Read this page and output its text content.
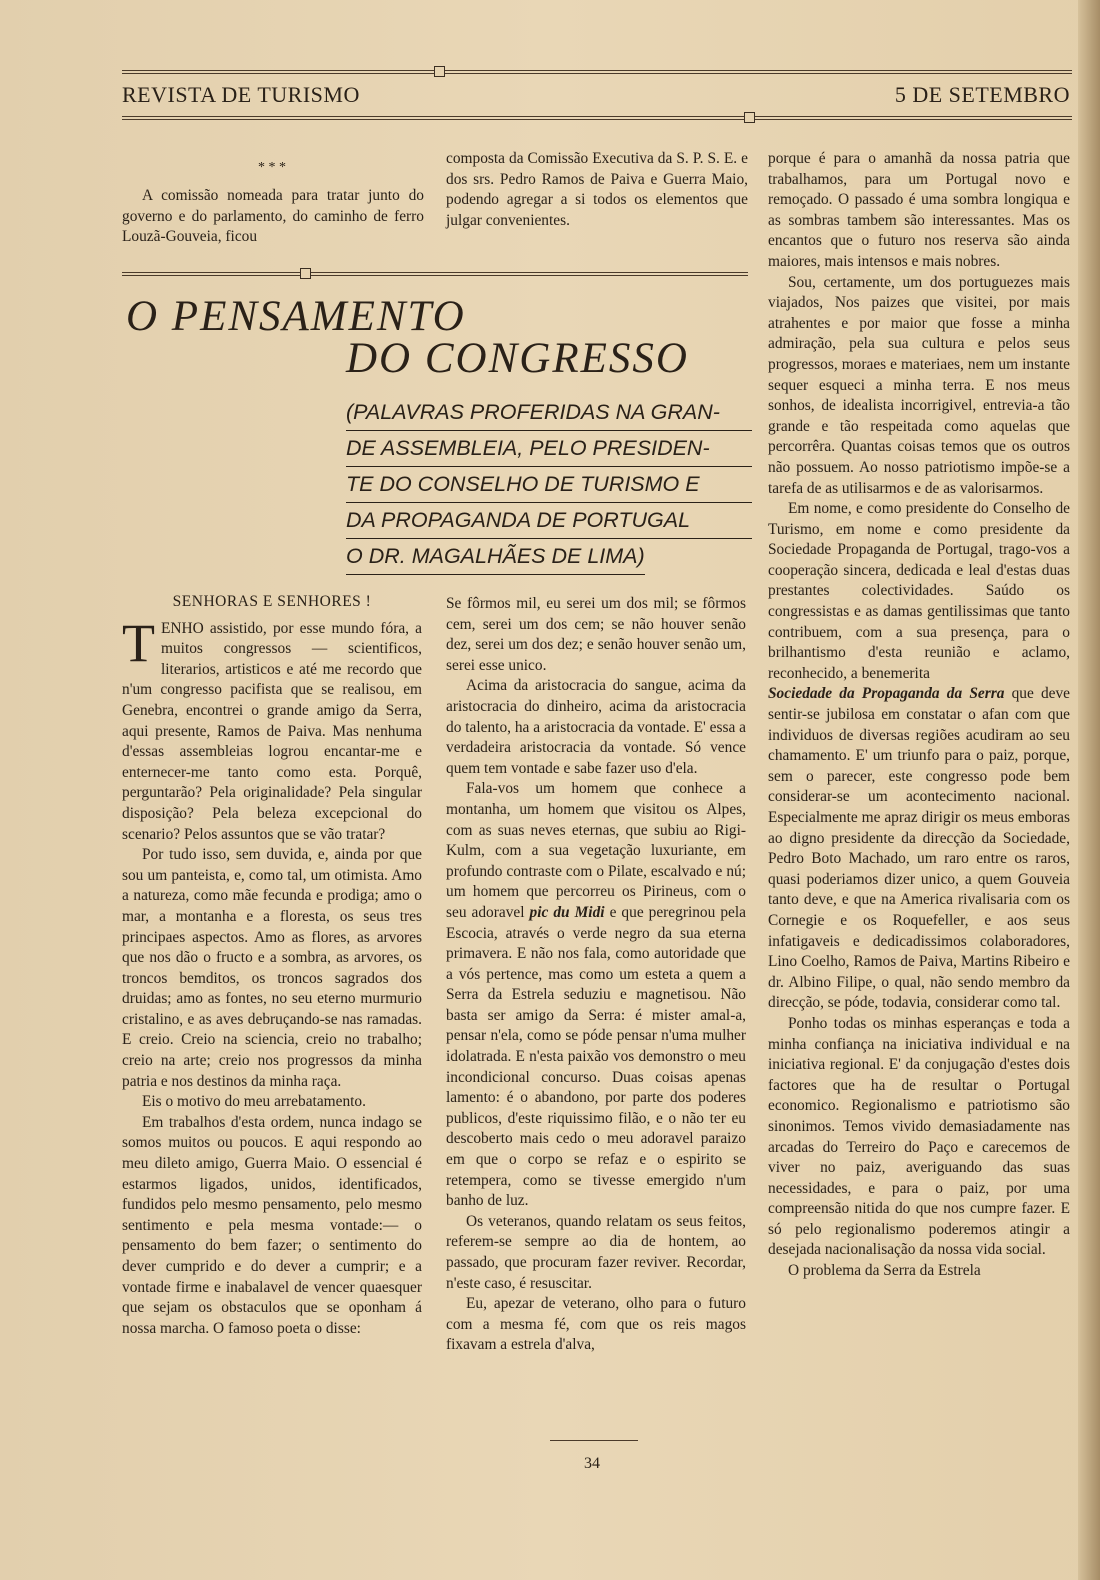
REVISTA DE TURISMO	5 DE SETEMBRO
* * *

A comissão nomeada para tratar junto do governo e do parlamento, do caminho de ferro Louzã-Gouveia, ficou

composta da Comissão Executiva da S. P. S. E. e dos srs. Pedro Ramos de Paiva e Guerra Maio, podendo agregar a si todos os elementos que julgar convenientes.

O PENSAMENTO
DO CONGRESSO
(PALAVRAS PROFERIDAS NA GRAN-
DE ASSEMBLEIA, PELO PRESIDEN-
TE DO CONSELHO DE TURISMO E
DA PROPAGANDA DE PORTUGAL
O DR. MAGALHÃES DE LIMA)
SENHORAS E SENHORES !

TENHO assistido, por esse mundo fóra, a muitos congressos — scientificos, literarios, artisticos e até me recordo que n'um congresso pacifista que se realisou, em Genebra, encontrei o grande amigo da Serra, aqui presente, Ramos de Paiva. Mas nenhuma d'essas assembleias logrou encantar-me e enternecer-me tanto como esta. Porquê, perguntarão? Pela originalidade? Pela singular disposição? Pela beleza excepcional do scenario? Pelos assuntos que se vão tratar?

Por tudo isso, sem duvida, e, ainda por que sou um panteista, e, como tal, um otimista. Amo a natureza, como mãe fecunda e prodiga; amo o mar, a montanha e a floresta, os seus tres principaes aspectos. Amo as flores, as arvores que nos dão o fructo e a sombra, as arvores, os troncos bemditos, os troncos sagrados dos druidas; amo as fontes, no seu eterno murmurio cristalino, e as aves debruçando-se nas ramadas. E creio. Creio na sciencia, creio no trabalho; creio na arte; creio nos progressos da minha patria e nos destinos da minha raça.

Eis o motivo do meu arrebatamento.

Em trabalhos d'esta ordem, nunca indago se somos muitos ou poucos. E aqui respondo ao meu dileto amigo, Guerra Maio. O essencial é estarmos ligados, unidos, identificados, fundidos pelo mesmo pensamento, pelo mesmo sentimento e pela mesma vontade:— o pensamento do bem fazer; o sentimento do dever cumprido e do dever a cumprir; e a vontade firme e inabalavel de vencer quaesquer que sejam os obstaculos que se oponham á nossa marcha. O famoso poeta o disse:

Se fôrmos mil, eu serei um dos mil; se fôrmos cem, serei um dos cem; se não houver senão dez, serei um dos dez; e senão houver senão um, serei esse unico.

Acima da aristocracia do sangue, acima da aristocracia do dinheiro, acima da aristocracia do talento, ha a aristocracia da vontade. E' essa a verdadeira aristocracia da vontade. Só vence quem tem vontade e sabe fazer uso d'ela.

Fala-vos um homem que conhece a montanha, um homem que visitou os Alpes, com as suas neves eternas, que subiu ao Rigi-Kulm, com a sua vegetação luxuriante, em profundo contraste com o Pilate, escalvado e nú; um homem que percorreu os Pirineus, com o seu adoravel pic du Midi e que peregrinou pela Escocia, através o verde negro da sua eterna primavera. E não nos fala, como autoridade que a vós pertence, mas como um esteta a quem a Serra da Estrela seduziu e magnetisou. Não basta ser amigo da Serra: é mister amal-a, pensar n'ela, como se póde pensar n'uma mulher idolatrada. E n'esta paixão vos demonstro o meu incondicional concurso. Duas coisas apenas lamento: é o abandono, por parte dos poderes publicos, d'este riquissimo filão, e o não ter eu descoberto mais cedo o meu adoravel paraizo em que o corpo se refaz e o espirito se retempera, como se tivesse emergido n'um banho de luz.

Os veteranos, quando relatam os seus feitos, referem-se sempre ao dia de hontem, ao passado, que procuram fazer reviver. Recordar, n'este caso, é resuscitar.

Eu, apezar de veterano, olho para o futuro com a mesma fé, com que os reis magos fixavam a estrela d'alva,

porque é para o amanhã da nossa patria que trabalhamos, para um Portugal novo e remoçado. O passado é uma sombra longiqua e as sombras tambem são interessantes. Mas os encantos que o futuro nos reserva são ainda maiores, mais intensos e mais nobres.

Sou, certamente, um dos portuguezes mais viajados, Nos paizes que visitei, por mais atrahentes e por maior que fosse a minha admiração, pela sua cultura e pelos seus progressos, moraes e materiaes, nem um instante sequer esqueci a minha terra. E nos meus sonhos, de idealista incorrigivel, entrevia-a tão grande e tão respeitada como aquelas que percorrêra. Quantas coisas temos que os outros não possuem. Ao nosso patriotismo impõe-se a tarefa de as utilisarmos e de as valorisarmos.

Em nome, e como presidente do Conselho de Turismo, em nome e como presidente da Sociedade Propaganda de Portugal, trago-vos a cooperação sincera, dedicada e leal d'estas duas prestantes colectividades. Saúdo os congressistas e as damas gentilissimas que tanto contribuem, com a sua presença, para o brilhantismo d'esta reunião e aclamo, reconhecido, a benemerita

Sociedade da Propaganda da Serra que deve sentir-se jubilosa em constatar o afan com que individuos de diversas regiões acudiram ao seu chamamento. E' um triunfo para o paiz, porque, sem o parecer, este congresso pode bem considerar-se um acontecimento nacional. Especialmente me apraz dirigir os meus emboras ao digno presidente da direcção da Sociedade, Pedro Boto Machado, um raro entre os raros, quasi poderiamos dizer unico, a quem Gouveia tanto deve, e que na America rivalisaria com os Cornegie e os Roquefeller, e aos seus infatigaveis e dedicadissimos colaboradores, Lino Coelho, Ramos de Paiva, Martins Ribeiro e dr. Albino Filipe, o qual, não sendo membro da direcção, se póde, todavia, considerar como tal.

Ponho todas os minhas esperanças e toda a minha confiança na iniciativa individual e na iniciativa regional. E' da conjugação d'estes dois factores que ha de resultar o Portugal economico. Regionalismo e patriotismo são sinonimos. Temos vivido demasiadamente nas arcadas do Terreiro do Paço e carecemos de viver no paiz, averiguando das suas necessidades, e para o paiz, por uma compreensão nitida do que nos cumpre fazer. E só pelo regionalismo poderemos atingir a desejada nacionalisação da nossa vida social.

O problema da Serra da Estrela

34
